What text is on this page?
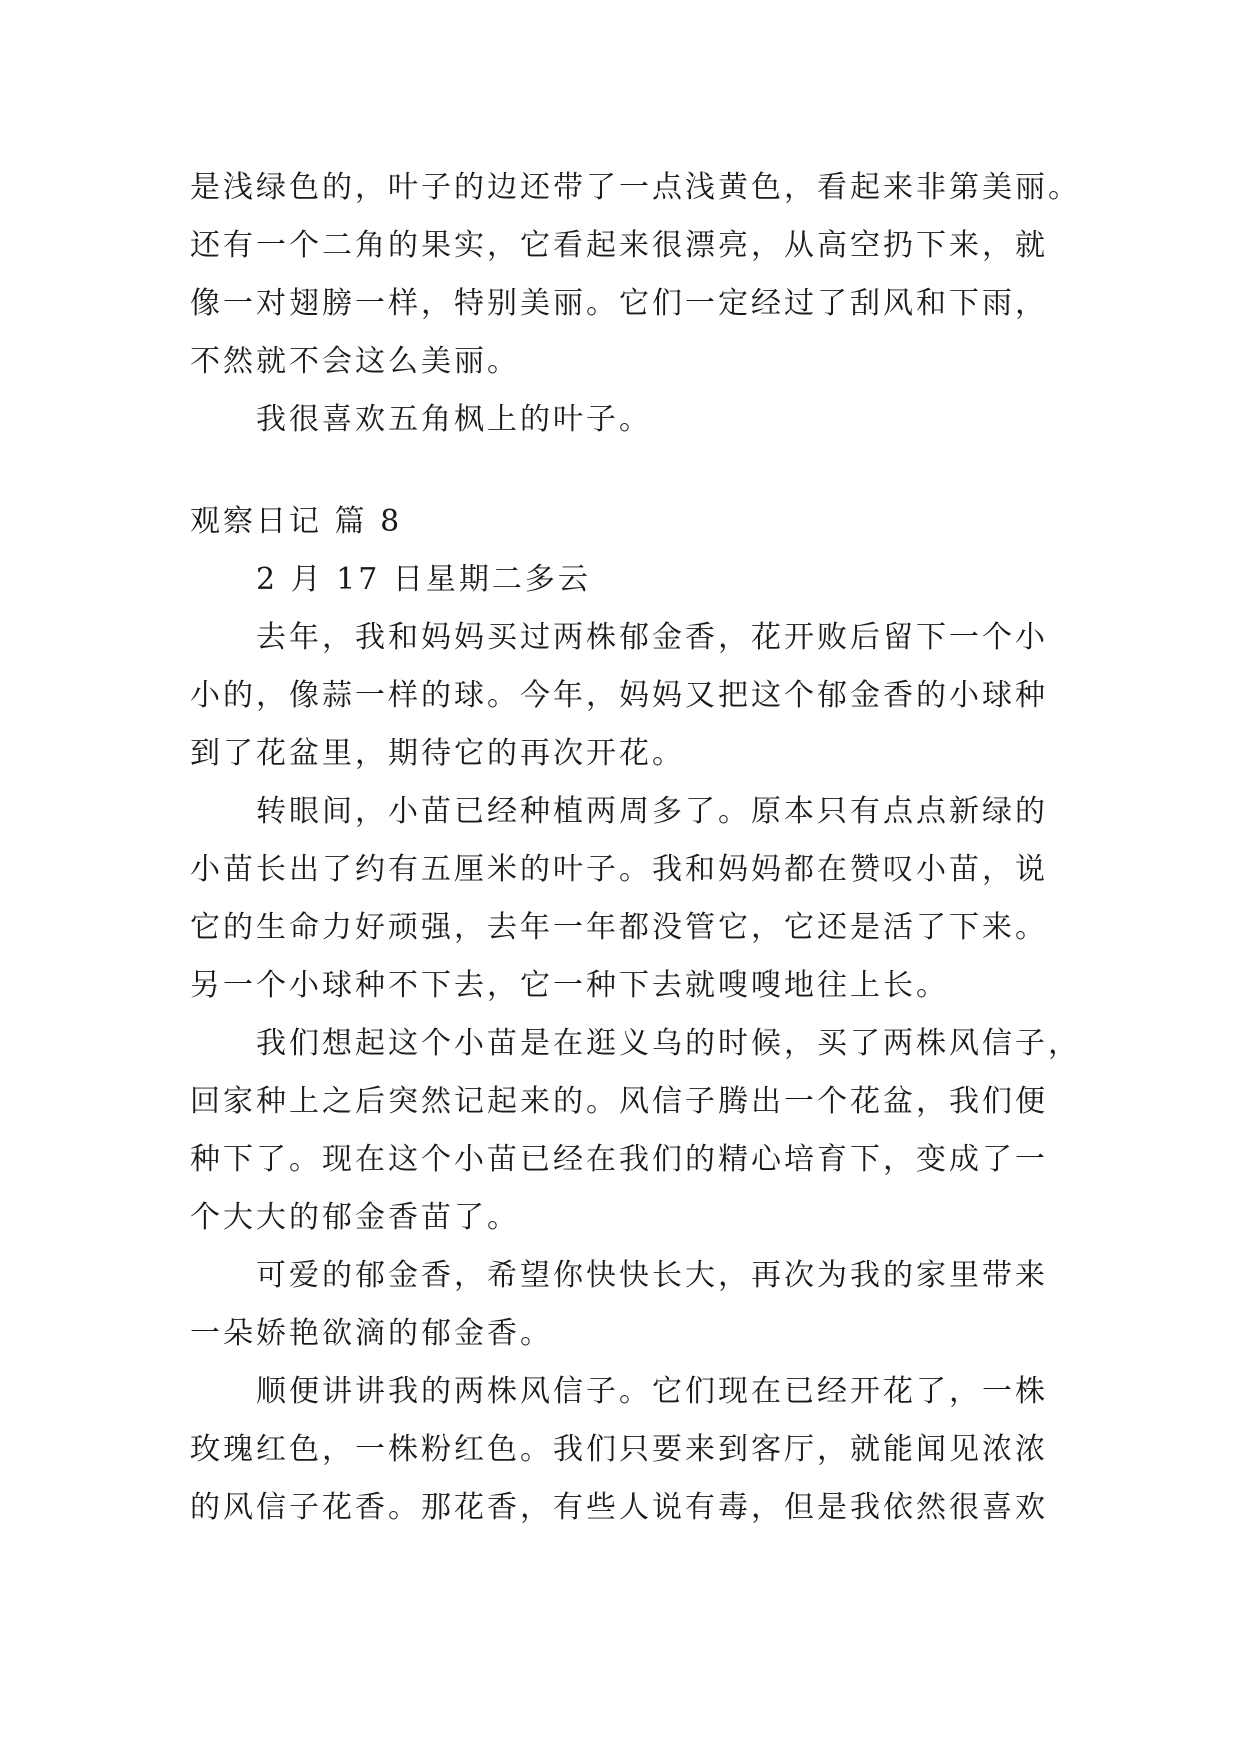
是浅绿色的，叶子的边还带了一点浅黄色，看起来非第美丽。
还有一个二角的果实，它看起来很漂亮，从高空扔下来，就
像一对翅膀一样，特别美丽。它们一定经过了刮风和下雨，
不然就不会这么美丽。
我很喜欢五角枫上的叶子。
观察日记 篇 8
2 月 17 日星期二多云
去年，我和妈妈买过两株郁金香，花开败后留下一个小
小的，像蒜一样的球。今年，妈妈又把这个郁金香的小球种
到了花盆里，期待它的再次开花。
转眼间，小苗已经种植两周多了。原本只有点点新绿的
小苗长出了约有五厘米的叶子。我和妈妈都在赞叹小苗，说
它的生命力好顽强，去年一年都没管它，它还是活了下来。
另一个小球种不下去，它一种下去就嗖嗖地往上长。
我们想起这个小苗是在逛义乌的时候，买了两株风信子，
回家种上之后突然记起来的。风信子腾出一个花盆，我们便
种下了。现在这个小苗已经在我们的精心培育下，变成了一
个大大的郁金香苗了。
可爱的郁金香，希望你快快长大，再次为我的家里带来
一朵娇艳欲滴的郁金香。
顺便讲讲我的两株风信子。它们现在已经开花了，一株
玫瑰红色，一株粉红色。我们只要来到客厅，就能闻见浓浓
的风信子花香。那花香，有些人说有毒，但是我依然很喜欢
